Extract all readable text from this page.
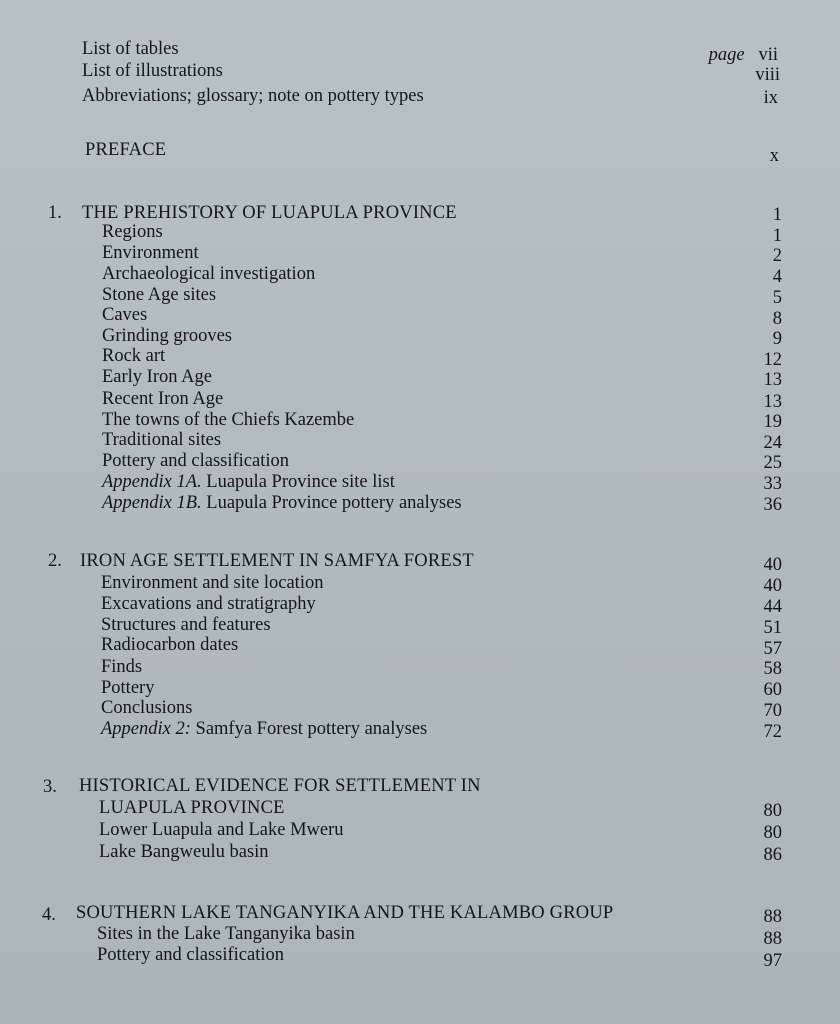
List of tables	page vii
List of illustrations	viii
Abbreviations; glossary; note on pottery types	ix
PREFACE	x
1. THE PREHISTORY OF LUAPULA PROVINCE	1
Regions	1
Environment	2
Archaeological investigation	4
Stone Age sites	5
Caves	8
Grinding grooves	9
Rock art	12
Early Iron Age	13
Recent Iron Age	13
The towns of the Chiefs Kazembe	19
Traditional sites	24
Pottery and classification	25
Appendix 1A. Luapula Province site list	33
Appendix 1B. Luapula Province pottery analyses	36
2. IRON AGE SETTLEMENT IN SAMFYA FOREST	40
Environment and site location	40
Excavations and stratigraphy	44
Structures and features	51
Radiocarbon dates	57
Finds	58
Pottery	60
Conclusions	70
Appendix 2: Samfya Forest pottery analyses	72
3. HISTORICAL EVIDENCE FOR SETTLEMENT IN
LUAPULA PROVINCE	80
Lower Luapula and Lake Mweru	80
Lake Bangweulu basin	86
4. SOUTHERN LAKE TANGANYIKA AND THE KALAMBO GROUP	88
Sites in the Lake Tanganyika basin	88
Pottery and classification	97
